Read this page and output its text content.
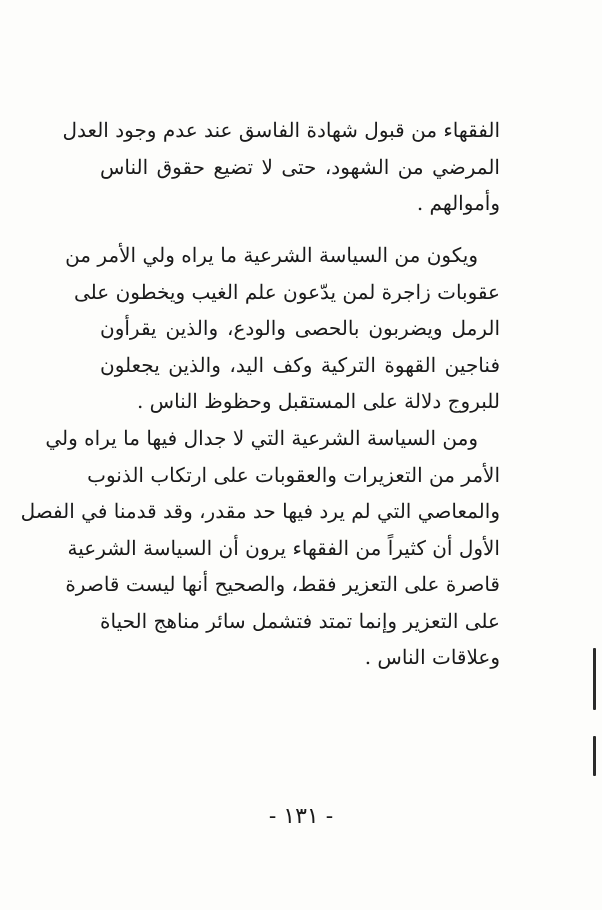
الفقهاء من قبول شهادة الفاسق عند عدم وجود العدل
المرضي من الشهود، حتى لا تضيع حقوق الناس
وأموالهم .
ويكون من السياسة الشرعية ما يراه ولي الأمر من
عقوبات زاجرة لمن يدّعون علم الغيب ويخطون على
الرمل ويضربون بالحصى والودع، والذين يقرأون
فناجين القهوة التركية وكف اليد، والذين يجعلون
للبروج دلالة على المستقبل وحظوظ الناس .
ومن السياسة الشرعية التي لا جدال فيها ما يراه ولي
الأمر من التعزيرات والعقوبات على ارتكاب الذنوب
والمعاصي التي لم يرد فيها حد مقدر، وقد قدمنا في الفصل
الأول أن كثيراً من الفقهاء يرون أن السياسة الشرعية
قاصرة على التعزير فقط، والصحيح أنها ليست قاصرة
على التعزير وإنما تمتد فتشمل سائر مناهج الحياة
وعلاقات الناس .
- ١٣١ -
